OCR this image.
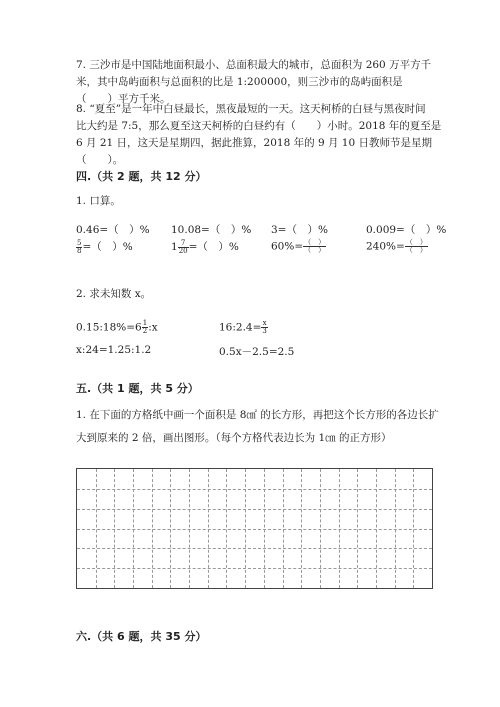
7. 三沙市是中国陆地面积最小、总面积最大的城市，总面积为 260 万平方千
米，其中岛屿面积与总面积的比是 1:200000，则三沙市的岛屿面积是
（　　）平方千米。
8. “夏至”是一年中白昼最长，黑夜最短的一天。这天柯桥的白昼与黑夜时间
比大约是 7:5，那么夏至这天柯桥的白昼约有（　　）小时。2018 年的夏至是
6 月 21 日，这天是星期四，据此推算，2018 年的 9 月 10 日教师节是星期
（　　）。
四.（共 2 题，共 12 分）
1. 口算。
0.46=（　）% 10.08=（　）% 3=（　）%	0.009=（　）%
$\frac{5}{8}$ =（　）%	$1 \frac{7}{20}$ =（　）%	$60\%= \frac{( )}{( )}$	$240\%= \frac{( )}{( )}$
2. 求未知数 x。
0.15:18%=6 $\frac{1}{2}$ :x	16:2.4= $\frac{x}{3}$
x:24=1.25:1.2	0.5x－2.5=2.5
五.（共 1 题，共 5 分）
1. 在下面的方格纸中画一个面积是 8㎠ 的长方形，再把这个长方形的各边长扩
大到原来的 2 倍，画出图形。（每个方格代表边长为 1㎝ 的正方形）
六.（共 6 题，共 35 分）
